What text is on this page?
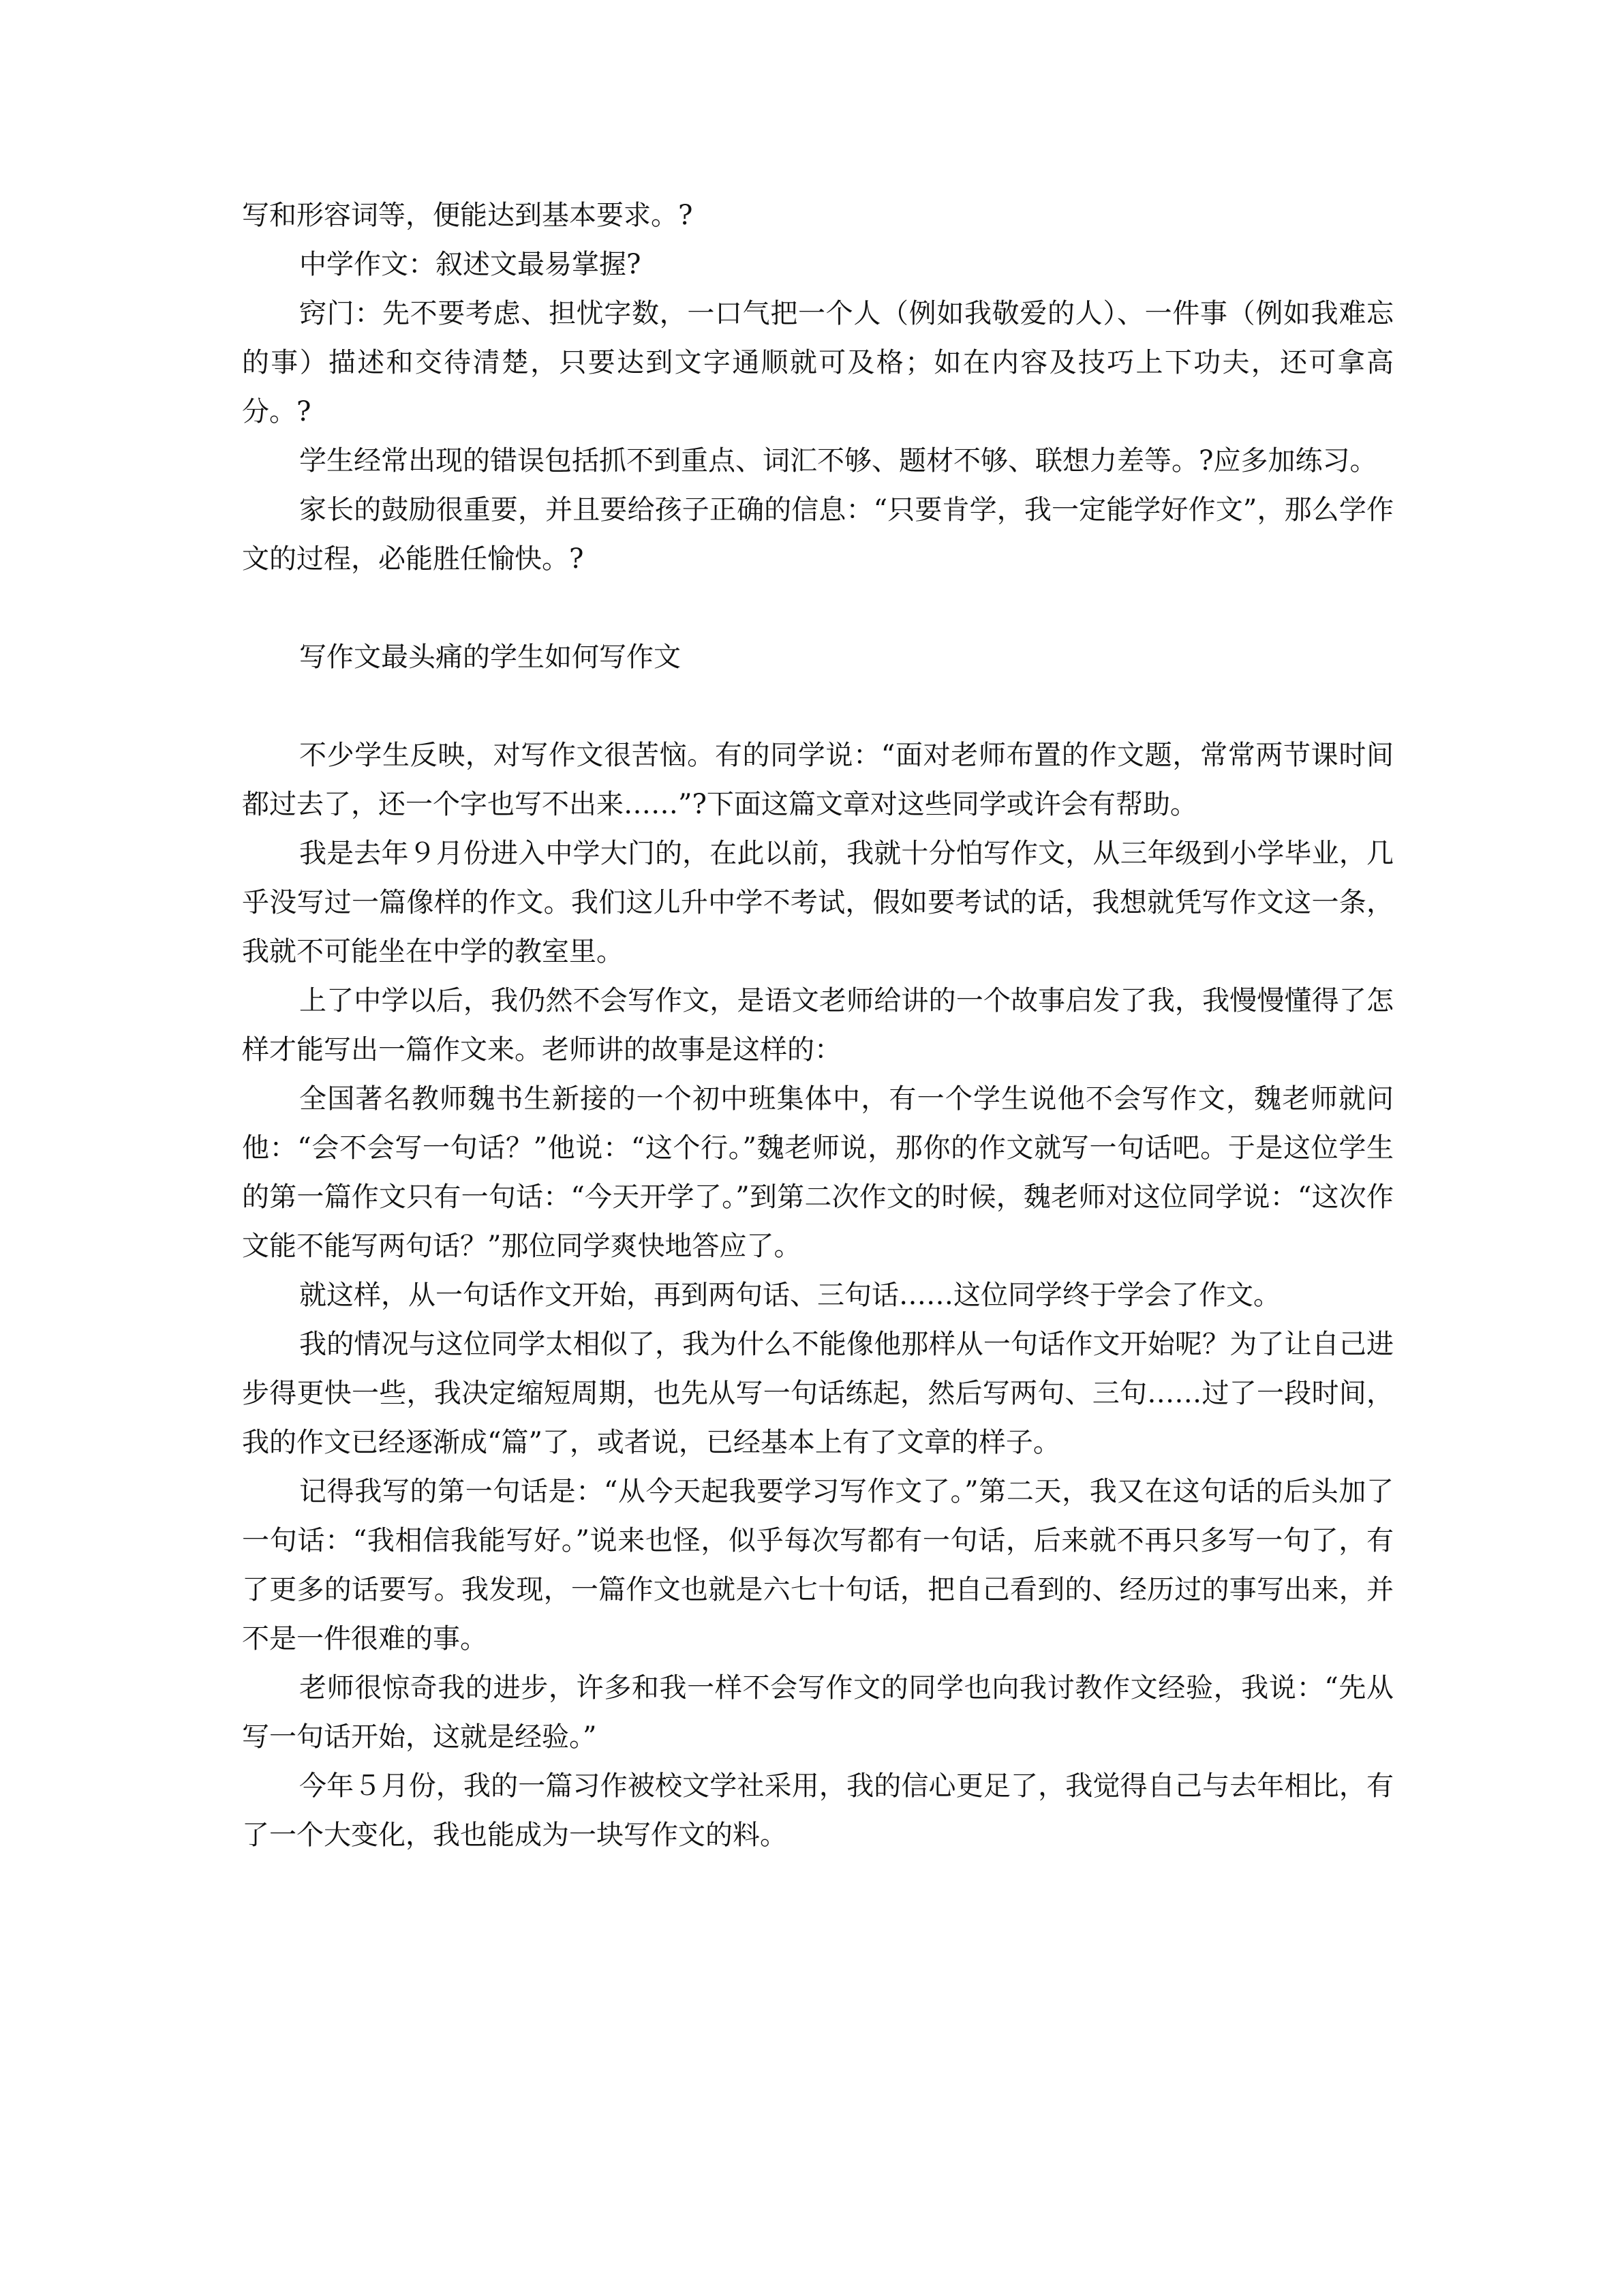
写和形容词等，便能达到基本要求。?

中学作文：叙述文最易掌握?

窍门：先不要考虑、担忧字数，一口气把一个人（例如我敬爱的人）、一件事（例如我难忘的事）描述和交待清楚，只要达到文字通顺就可及格；如在内容及技巧上下功夫，还可拿高分。?

学生经常出现的错误包括抓不到重点、词汇不够、题材不够、联想力差等。?应多加练习。

家长的鼓励很重要，并且要给孩子正确的信息：“只要肯学，我一定能学好作文”，那么学作文的过程，必能胜任愉快。?

写作文最头痛的学生如何写作文

不少学生反映，对写作文很苦恼。有的同学说：“面对老师布置的作文题，常常两节课时间都过去了，还一个字也写不出来……”?下面这篇文章对这些同学或许会有帮助。

我是去年９月份进入中学大门的，在此以前，我就十分怕写作文，从三年级到小学毕业，几乎没写过一篇像样的作文。我们这儿升中学不考试，假如要考试的话，我想就凭写作文这一条，我就不可能坐在中学的教室里。

上了中学以后，我仍然不会写作文，是语文老师给讲的一个故事启发了我，我慢慢懂得了怎样才能写出一篇作文来。老师讲的故事是这样的：

全国著名教师魏书生新接的一个初中班集体中，有一个学生说他不会写作文，魏老师就问他：“会不会写一句话？”他说：“这个行。”魏老师说，那你的作文就写一句话吧。于是这位学生的第一篇作文只有一句话：“今天开学了。”到第二次作文的时候，魏老师对这位同学说：“这次作文能不能写两句话？”那位同学爽快地答应了。

就这样，从一句话作文开始，再到两句话、三句话……这位同学终于学会了作文。

我的情况与这位同学太相似了，我为什么不能像他那样从一句话作文开始呢？为了让自己进步得更快一些，我决定缩短周期，也先从写一句话练起，然后写两句、三句……过了一段时间，我的作文已经逐渐成“篇”了，或者说，已经基本上有了文章的样子。

记得我写的第一句话是：“从今天起我要学习写作文了。”第二天，我又在这句话的后头加了一句话：“我相信我能写好。”说来也怪，似乎每次写都有一句话，后来就不再只多写一句了，有了更多的话要写。我发现，一篇作文也就是六七十句话，把自己看到的、经历过的事写出来，并不是一件很难的事。

老师很惊奇我的进步，许多和我一样不会写作文的同学也向我讨教作文经验，我说：“先从写一句话开始，这就是经验。”

今年５月份，我的一篇习作被校文学社采用，我的信心更足了，我觉得自己与去年相比，有了一个大变化，我也能成为一块写作文的料。
